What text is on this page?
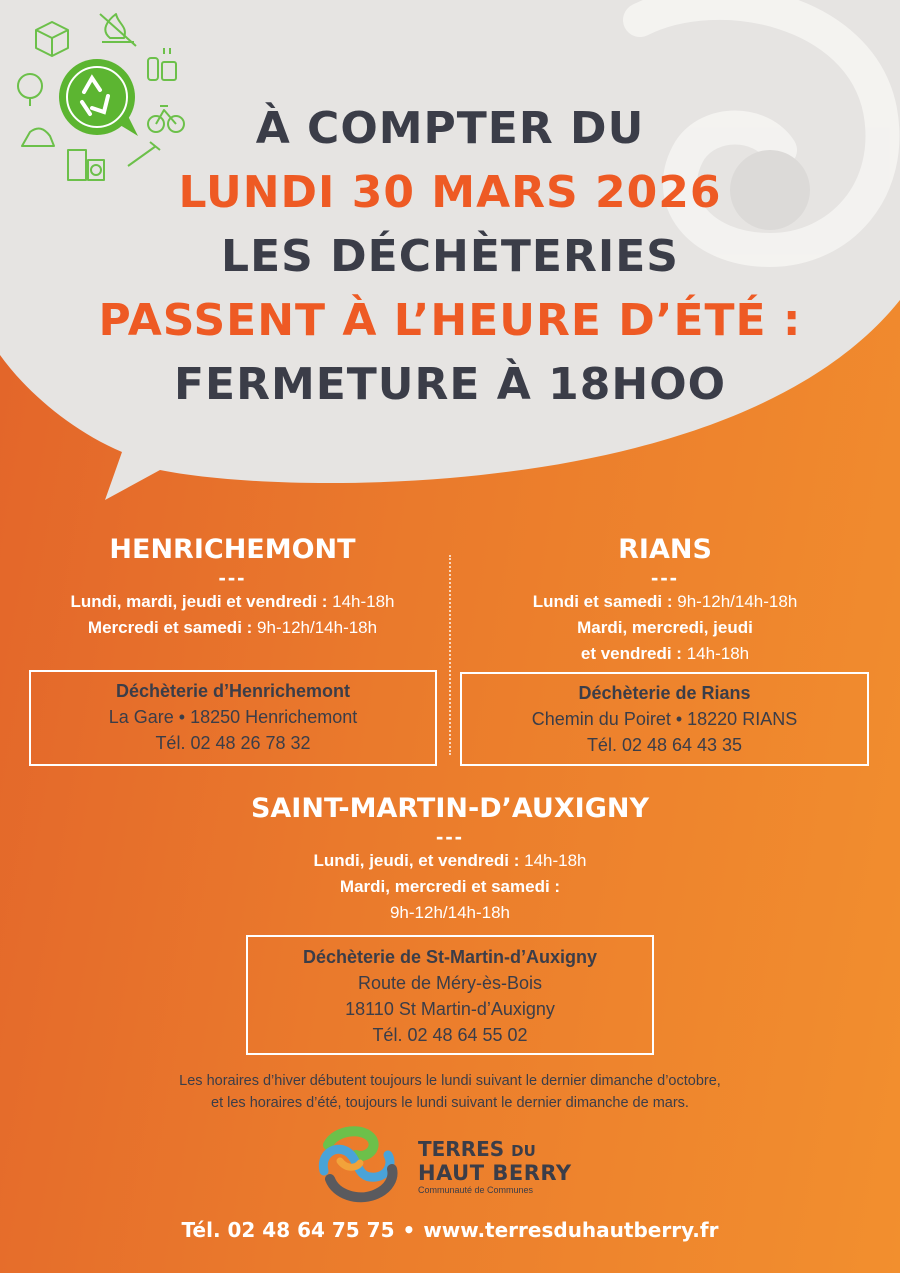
À COMPTER DU
LUNDI 30 MARS 2026
LES DÉCHÈTERIES
PASSENT À L’HEURE D’ÉTÉ :
FERMETURE À 18HOO
HENRICHEMONT
---
Lundi, mardi, jeudi et vendredi : 14h-18h
Mercredi et samedi : 9h-12h/14h-18h
Déchèterie d’Henrichemont
La Gare • 18250 Henrichemont
Tél. 02 48 26 78 32
RIANS
---
Lundi et samedi : 9h-12h/14h-18h
Mardi, mercredi, jeudi
et vendredi : 14h-18h
Déchèterie de Rians
Chemin du Poiret • 18220 RIANS
Tél. 02 48 64 43 35
SAINT-MARTIN-D’AUXIGNY
---
Lundi, jeudi, et vendredi : 14h-18h
Mardi, mercredi et samedi :
9h-12h/14h-18h
Déchèterie de St-Martin-d’Auxigny
Route de Méry-ès-Bois
18110 St Martin-d’Auxigny
Tél. 02 48 64 55 02
Les horaires d’hiver débutent toujours le lundi suivant le dernier dimanche d’octobre,
et les horaires d’été, toujours le lundi suivant le dernier dimanche de mars.
TERRES DU
HAUT BERRY
Communauté de Communes
Tél. 02 48 64 75 75 • www.terresduhautberry.fr
